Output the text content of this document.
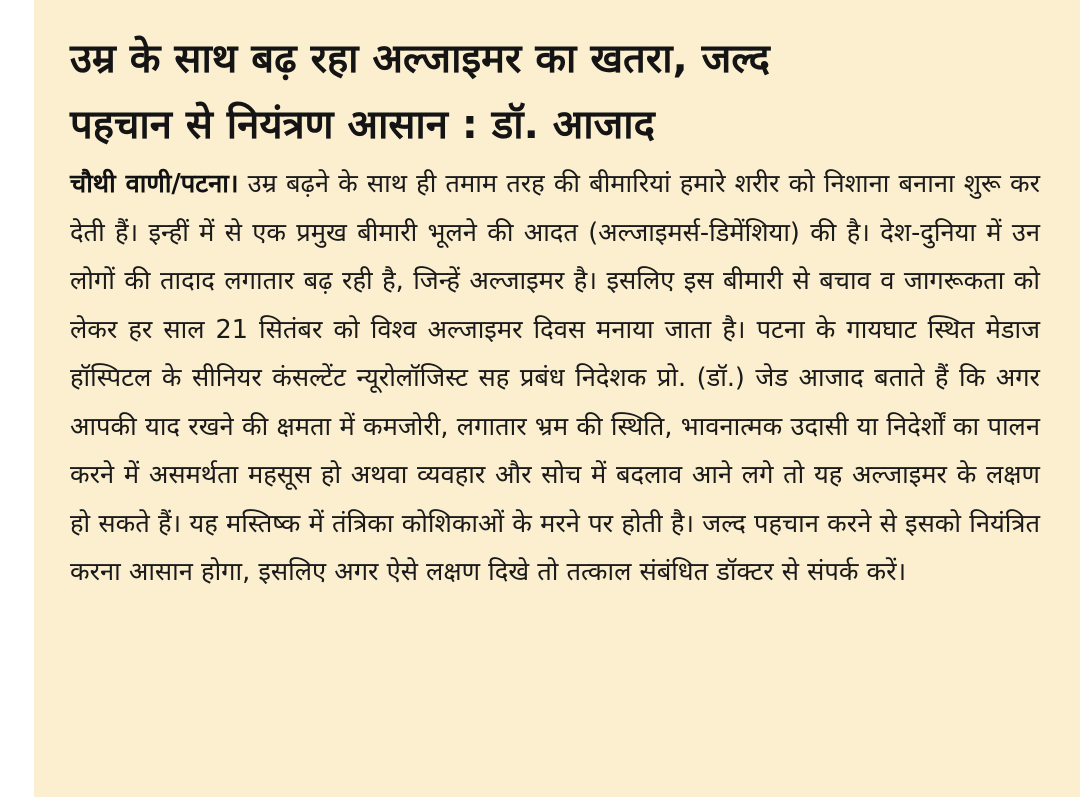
उम्र के साथ बढ़ रहा अल्जाइमर का खतरा, जल्द
पहचान से नियंत्रण आसान : डॉ. आजाद

चौथी वाणी/पटना। उम्र बढ़ने के साथ ही तमाम तरह की बीमारियां हमारे शरीर को निशाना बनाना शुरू कर देती हैं। इन्हीं में से एक प्रमुख बीमारी भूलने की आदत (अल्जाइमर्स-डिमेंशिया) की है। देश-दुनिया में उन लोगों की तादाद लगातार बढ़ रही है, जिन्हें अल्जाइमर है। इसलिए इस बीमारी से बचाव व जागरूकता को लेकर हर साल 21 सितंबर को विश्व अल्जाइमर दिवस मनाया जाता है। पटना के गायघाट स्थित मेडाज हॉस्पिटल के सीनियर कंसल्टेंट न्यूरोलॉजिस्ट सह प्रबंध निदेशक प्रो. (डॉ.) जेड आजाद बताते हैं कि अगर आपकी याद रखने की क्षमता में कमजोरी, लगातार भ्रम की स्थिति, भावनात्मक उदासी या निदेर्शों का पालन करने में असमर्थता महसूस हो अथवा व्यवहार और सोच में बदलाव आने लगे तो यह अल्जाइमर के लक्षण हो सकते हैं। यह मस्तिष्क में तंत्रिका कोशिकाओं के मरने पर होती है। जल्द पहचान करने से इसको नियंत्रित करना आसान होगा, इसलिए अगर ऐसे लक्षण दिखे तो तत्काल संबंधित डॉक्टर से संपर्क करें।
